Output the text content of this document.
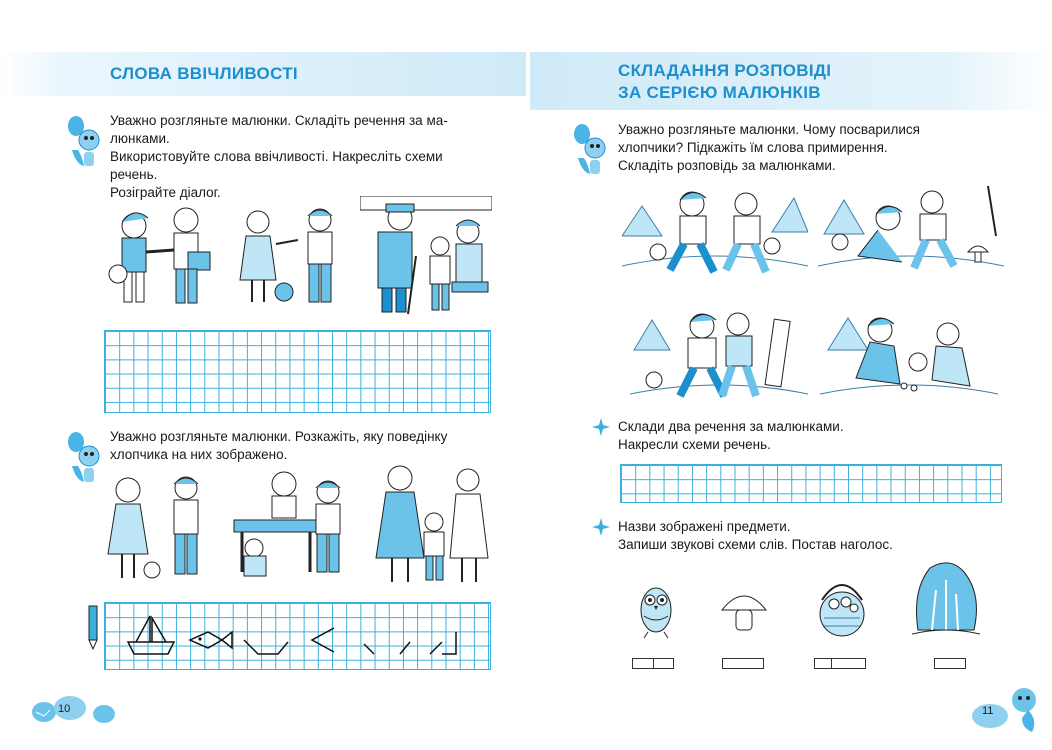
СЛОВА ВВІЧЛИВОСТІ
Уважно розгляньте малюнки. Складіть речення за ма-
люнками.
Використовуйте слова ввічливості. Накресліть схеми
речень.
Розіграйте діалог.
Уважно розгляньте малюнки. Розкажіть, яку поведінку
хлопчика на них зображено.
10
СКЛАДАННЯ РОЗПОВІДІ
ЗА СЕРІЄЮ МАЛЮНКІВ
Уважно розгляньте малюнки. Чому посварилися
хлопчики? Підкажіть їм слова примирення.
Складіть розповідь за малюнками.
Склади два речення за малюнками.
Накресли схеми речень.
Назви зображені предмети.
Запиши звукові схеми слів. Постав наголос.
11
